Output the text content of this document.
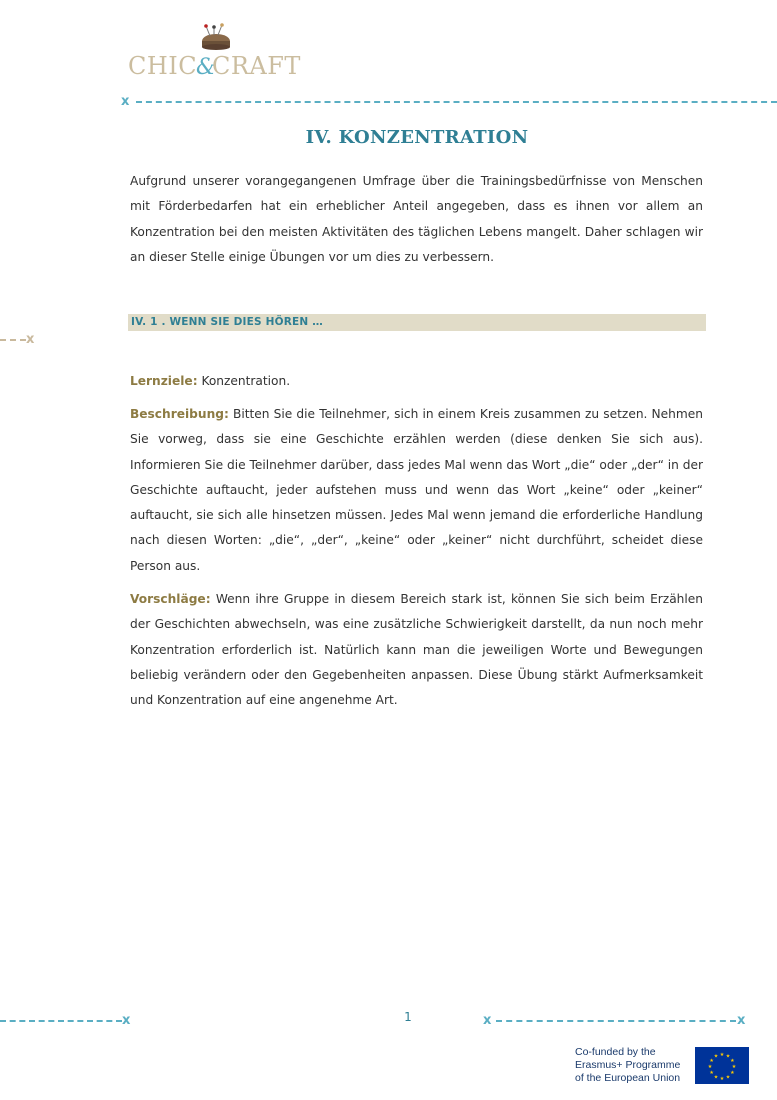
CHIC
&
CRAFT
x
x
IV. KONZENTRATION

Aufgrund unserer vorangegangenen Umfrage über die Trainingsbedürfnisse von Menschen mit Förderbedarfen hat ein erheblicher Anteil angegeben, dass es ihnen vor allem an Konzentration bei den meisten Aktivitäten des täglichen Lebens mangelt. Daher schlagen wir an dieser Stelle einige Übungen vor um dies zu verbessern.

IV. 1 . WENN SIE DIES HÖREN …

Lernziele: Konzentration.

Beschreibung: Bitten Sie die Teilnehmer, sich in einem Kreis zusammen zu setzen. Nehmen Sie vorweg, dass sie eine Geschichte erzählen werden (diese denken Sie sich aus). Informieren Sie die Teilnehmer darüber, dass jedes Mal wenn das Wort „die“ oder „der“ in der Geschichte auftaucht, jeder aufstehen muss und wenn das Wort „keine“ oder „keiner“ auftaucht, sie sich alle hinsetzen müssen. Jedes Mal wenn jemand die erforderliche Handlung nach diesen Worten: „die“, „der“, „keine“ oder „keiner“ nicht durchführt, scheidet diese Person aus.

Vorschläge: Wenn ihre Gruppe in diesem Bereich stark ist, können Sie sich beim Erzählen der Geschichten abwechseln, was eine zusätzliche Schwierigkeit darstellt, da nun noch mehr Konzentration erforderlich ist. Natürlich kann man die jeweiligen Worte und Bewegungen beliebig verändern oder den Gegebenheiten anpassen. Diese Übung stärkt Aufmerksamkeit und Konzentration auf eine angenehme Art.

x	x	x
1
Co-funded by the
Erasmus+ Programme
of the European Union
★ ★
★
★
★
★
★
★
★
★
★
★
